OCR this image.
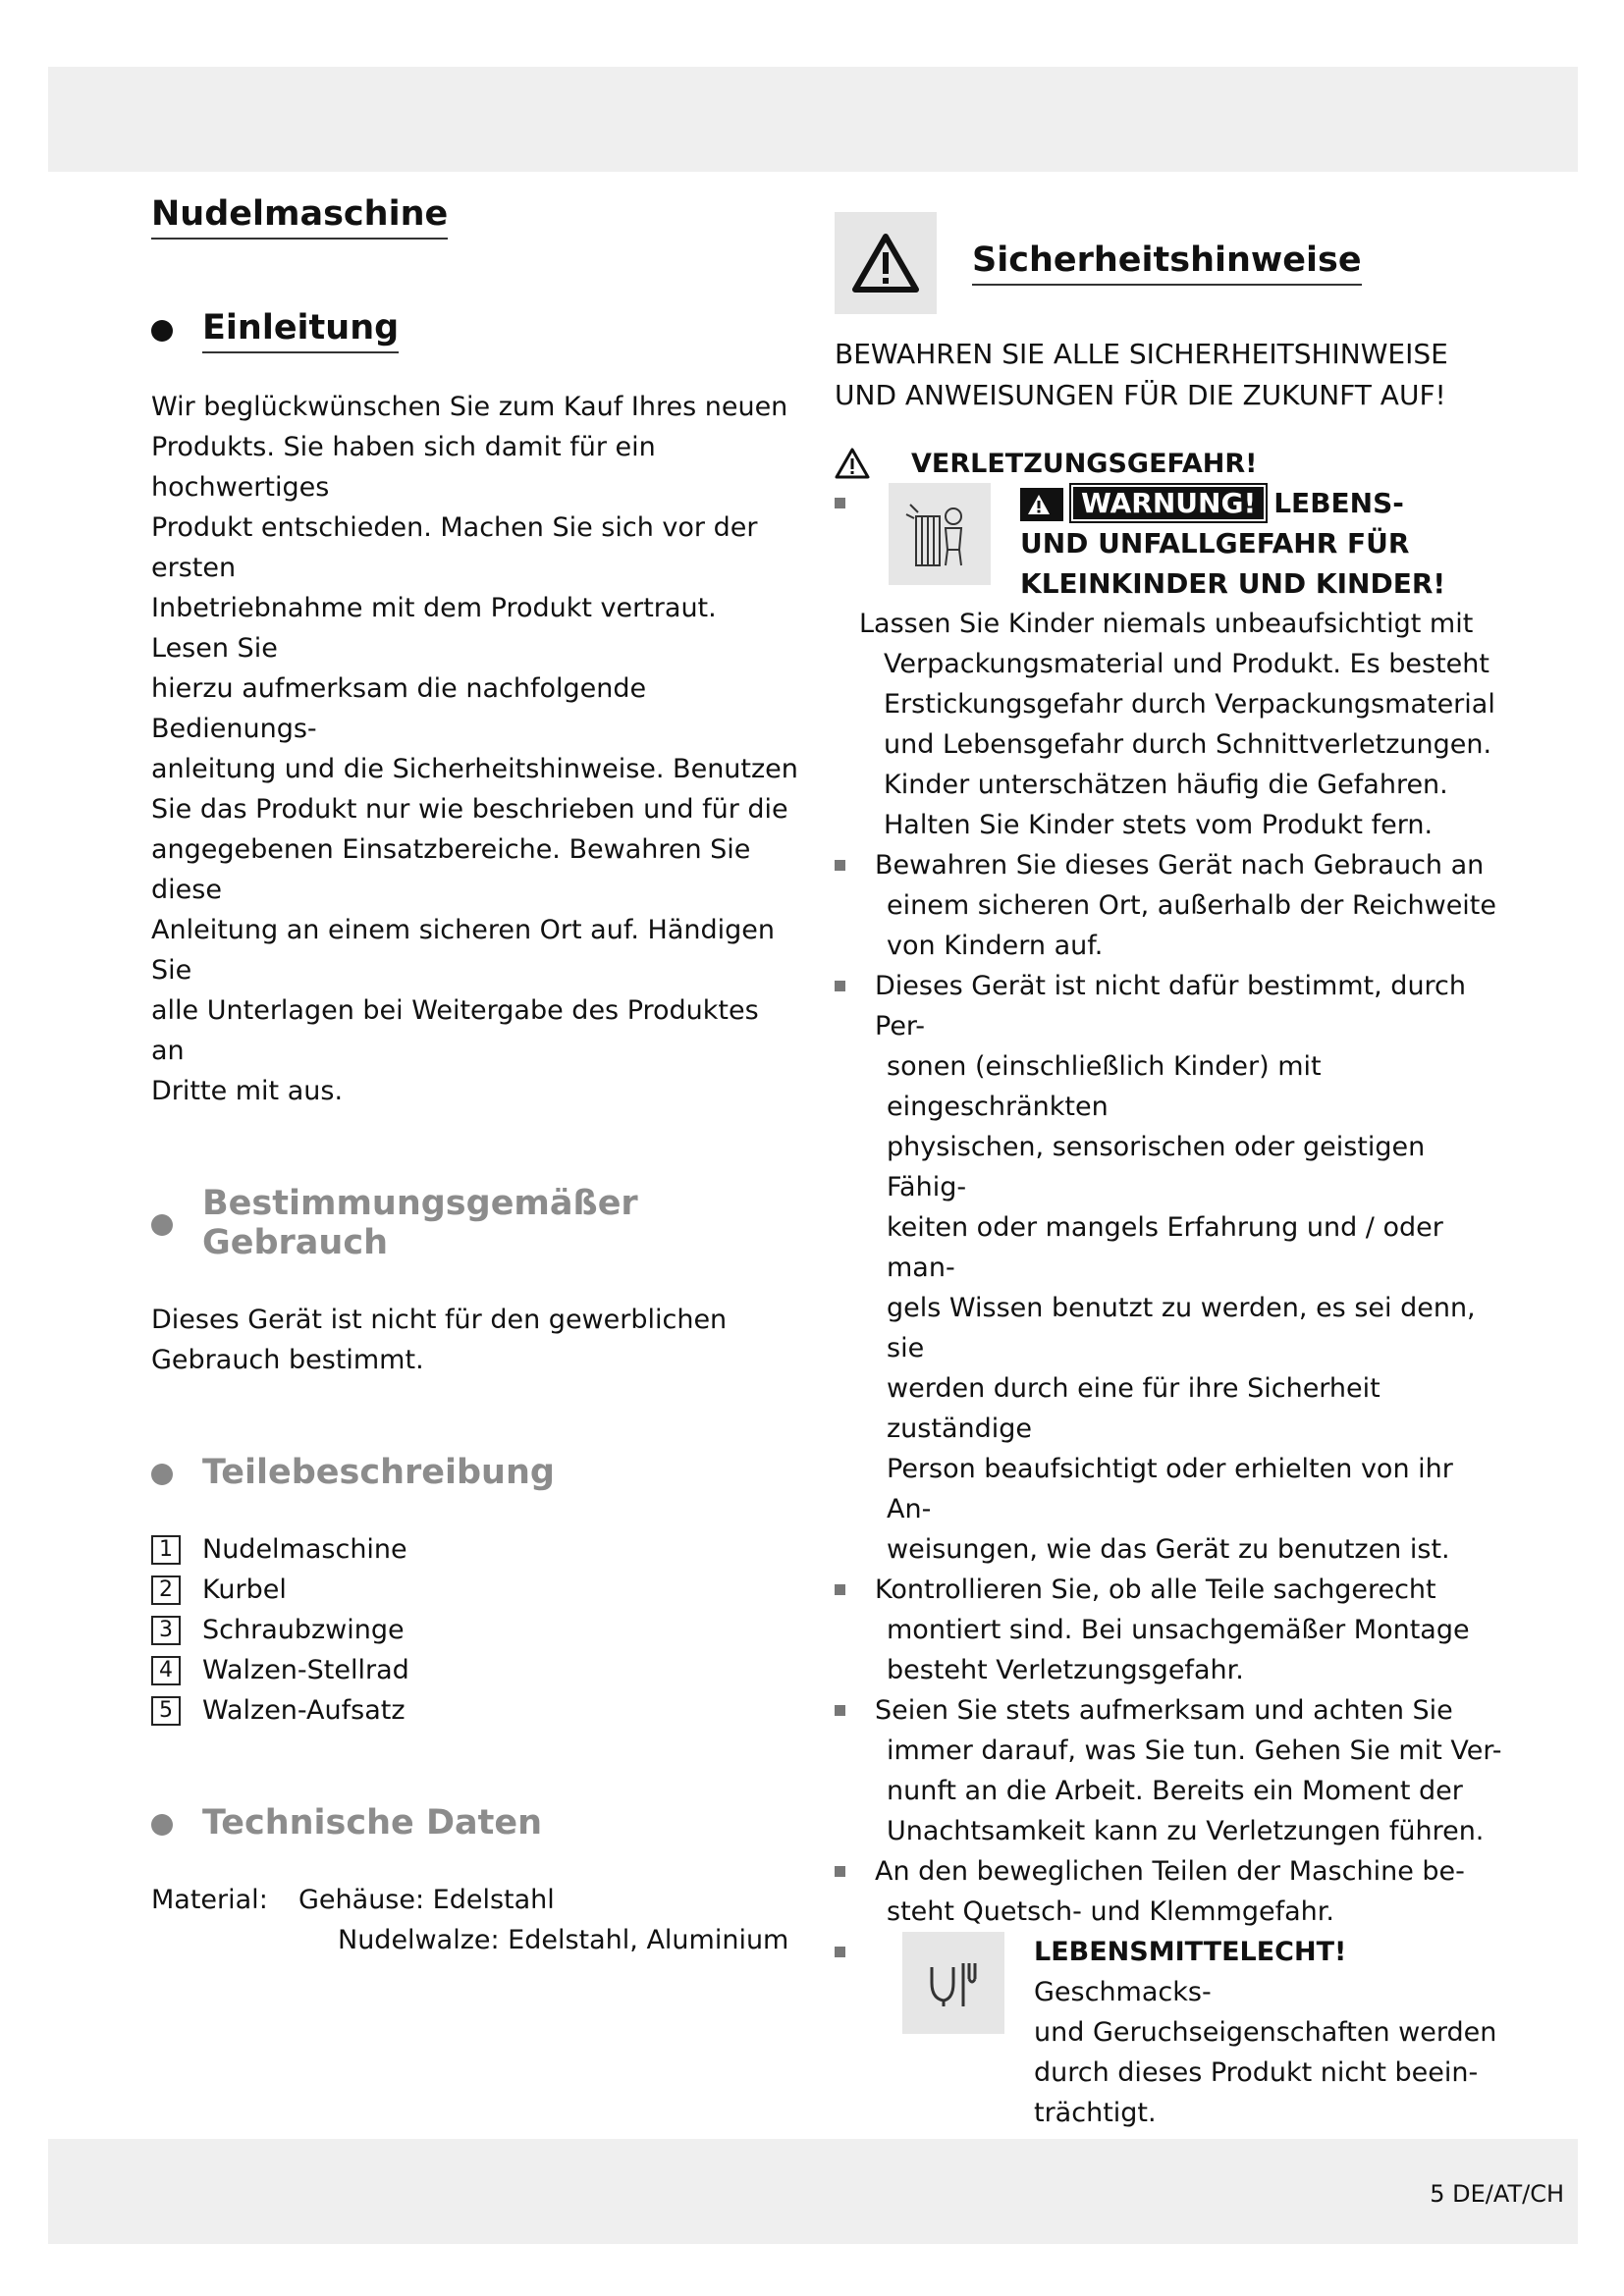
Nudelmaschine
Einleitung
Wir beglückwünschen Sie zum Kauf Ihres neuen
Produkts. Sie haben sich damit für ein hochwertiges
Produkt entschieden. Machen Sie sich vor der ersten
Inbetriebnahme mit dem Produkt vertraut. Lesen Sie
hierzu aufmerksam die nachfolgende Bedienungs-
anleitung und die Sicherheitshinweise. Benutzen
Sie das Produkt nur wie beschrieben und für die
angegebenen Einsatzbereiche. Bewahren Sie diese
Anleitung an einem sicheren Ort auf. Händigen Sie
alle Unterlagen bei Weitergabe des Produktes an
Dritte mit aus.
Bestimmungsgemäßer Gebrauch
Dieses Gerät ist nicht für den gewerblichen
Gebrauch bestimmt.
Teilebeschreibung
1 Nudelmaschine
2 Kurbel
3 Schraubzwinge
4 Walzen-Stellrad
5 Walzen-Aufsatz
Technische Daten
Material:	Gehäuse: Edelstahl
Nudelwalze: Edelstahl, Aluminium
Sicherheitshinweise
BEWAHREN SIE ALLE SICHERHEITSHINWEISE
UND ANWEISUNGEN FÜR DIE ZUKUNFT AUF!
VERLETZUNGSGEFAHR!
WARNUNG! LEBENS-
UND UNFALLGEFAHR FÜR
KLEINKINDER UND KINDER!
Lassen Sie Kinder niemals unbeaufsichtigt mit
Verpackungsmaterial und Produkt. Es besteht
Erstickungsgefahr durch Verpackungsmaterial
und Lebensgefahr durch Schnittverletzungen.
Kinder unterschätzen häufig die Gefahren.
Halten Sie Kinder stets vom Produkt fern.
Bewahren Sie dieses Gerät nach Gebrauch an
einem sicheren Ort, außerhalb der Reichweite
von Kindern auf.
Dieses Gerät ist nicht dafür bestimmt, durch Per-
sonen (einschließlich Kinder) mit eingeschränkten
physischen, sensorischen oder geistigen Fähig-
keiten oder mangels Erfahrung und / oder man-
gels Wissen benutzt zu werden, es sei denn, sie
werden durch eine für ihre Sicherheit zuständige
Person beaufsichtigt oder erhielten von ihr An-
weisungen, wie das Gerät zu benutzen ist.
Kontrollieren Sie, ob alle Teile sachgerecht
montiert sind. Bei unsachgemäßer Montage
besteht Verletzungsgefahr.
Seien Sie stets aufmerksam und achten Sie
immer darauf, was Sie tun. Gehen Sie mit Ver-
nunft an die Arbeit. Bereits ein Moment der
Unachtsamkeit kann zu Verletzungen führen.
An den beweglichen Teilen der Maschine be-
steht Quetsch- und Klemmgefahr.
LEBENSMITTELECHT! Geschmacks-
und Geruchseigenschaften werden
durch dieses Produkt nicht beein-
trächtigt.
5 DE/AT/CH
